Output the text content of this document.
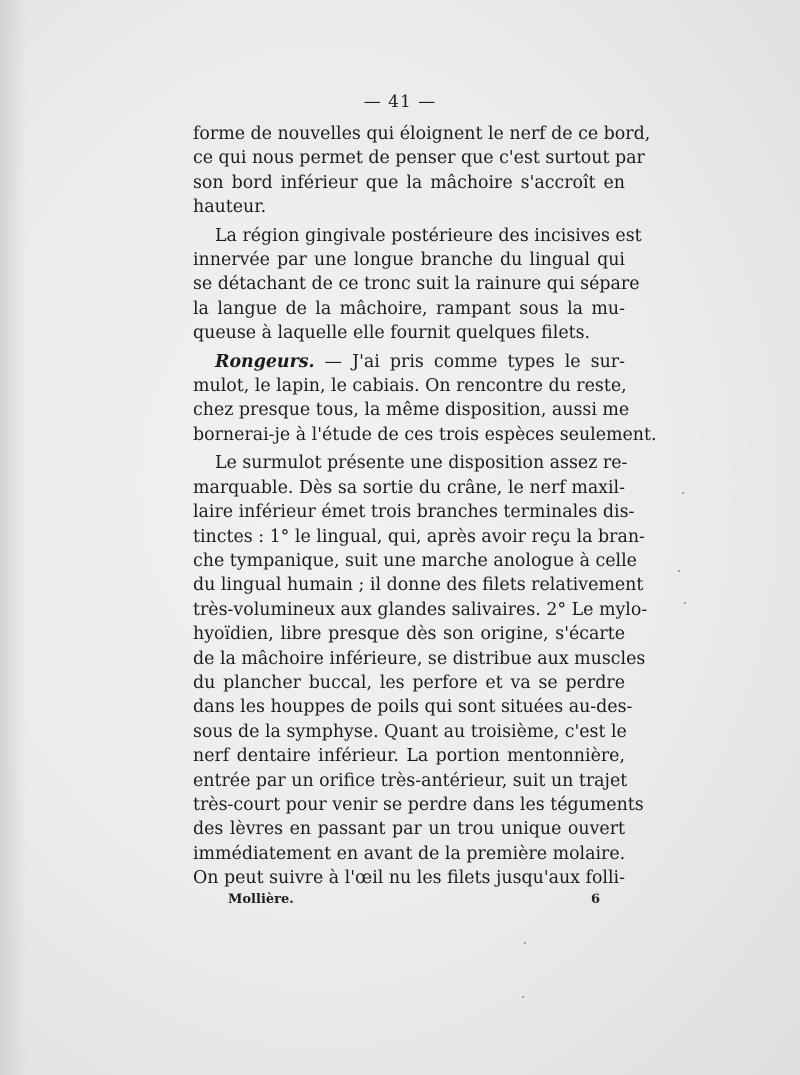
— 41 —
forme de nouvelles qui éloignent le nerf de ce bord,
ce qui nous permet de penser que c'est surtout par
son bord inférieur que la mâchoire s'accroît en
hauteur.
La région gingivale postérieure des incisives est
innervée par une longue branche du lingual qui
se détachant de ce tronc suit la rainure qui sépare
la langue de la mâchoire, rampant sous la mu-
queuse à laquelle elle fournit quelques filets.
Rongeurs. — J'ai pris comme types le sur-
mulot, le lapin, le cabiais. On rencontre du reste,
chez presque tous, la même disposition, aussi me
bornerai-je à l'étude de ces trois espèces seulement.
Le surmulot présente une disposition assez re-
marquable. Dès sa sortie du crâne, le nerf maxil-
laire inférieur émet trois branches terminales dis-
tinctes : 1° le lingual, qui, après avoir reçu la bran-
che tympanique, suit une marche anologue à celle
du lingual humain ; il donne des filets relativement
très-volumineux aux glandes salivaires. 2° Le mylo-
hyoïdien, libre presque dès son origine, s'écarte
de la mâchoire inférieure, se distribue aux muscles
du plancher buccal, les perfore et va se perdre
dans les houppes de poils qui sont situées au-des-
sous de la symphyse. Quant au troisième, c'est le
nerf dentaire inférieur. La portion mentonnière,
entrée par un orifice très-antérieur, suit un trajet
très-court pour venir se perdre dans les téguments
des lèvres en passant par un trou unique ouvert
immédiatement en avant de la première molaire.
On peut suivre à l'œil nu les filets jusqu'aux folli-
Mollière.	6
